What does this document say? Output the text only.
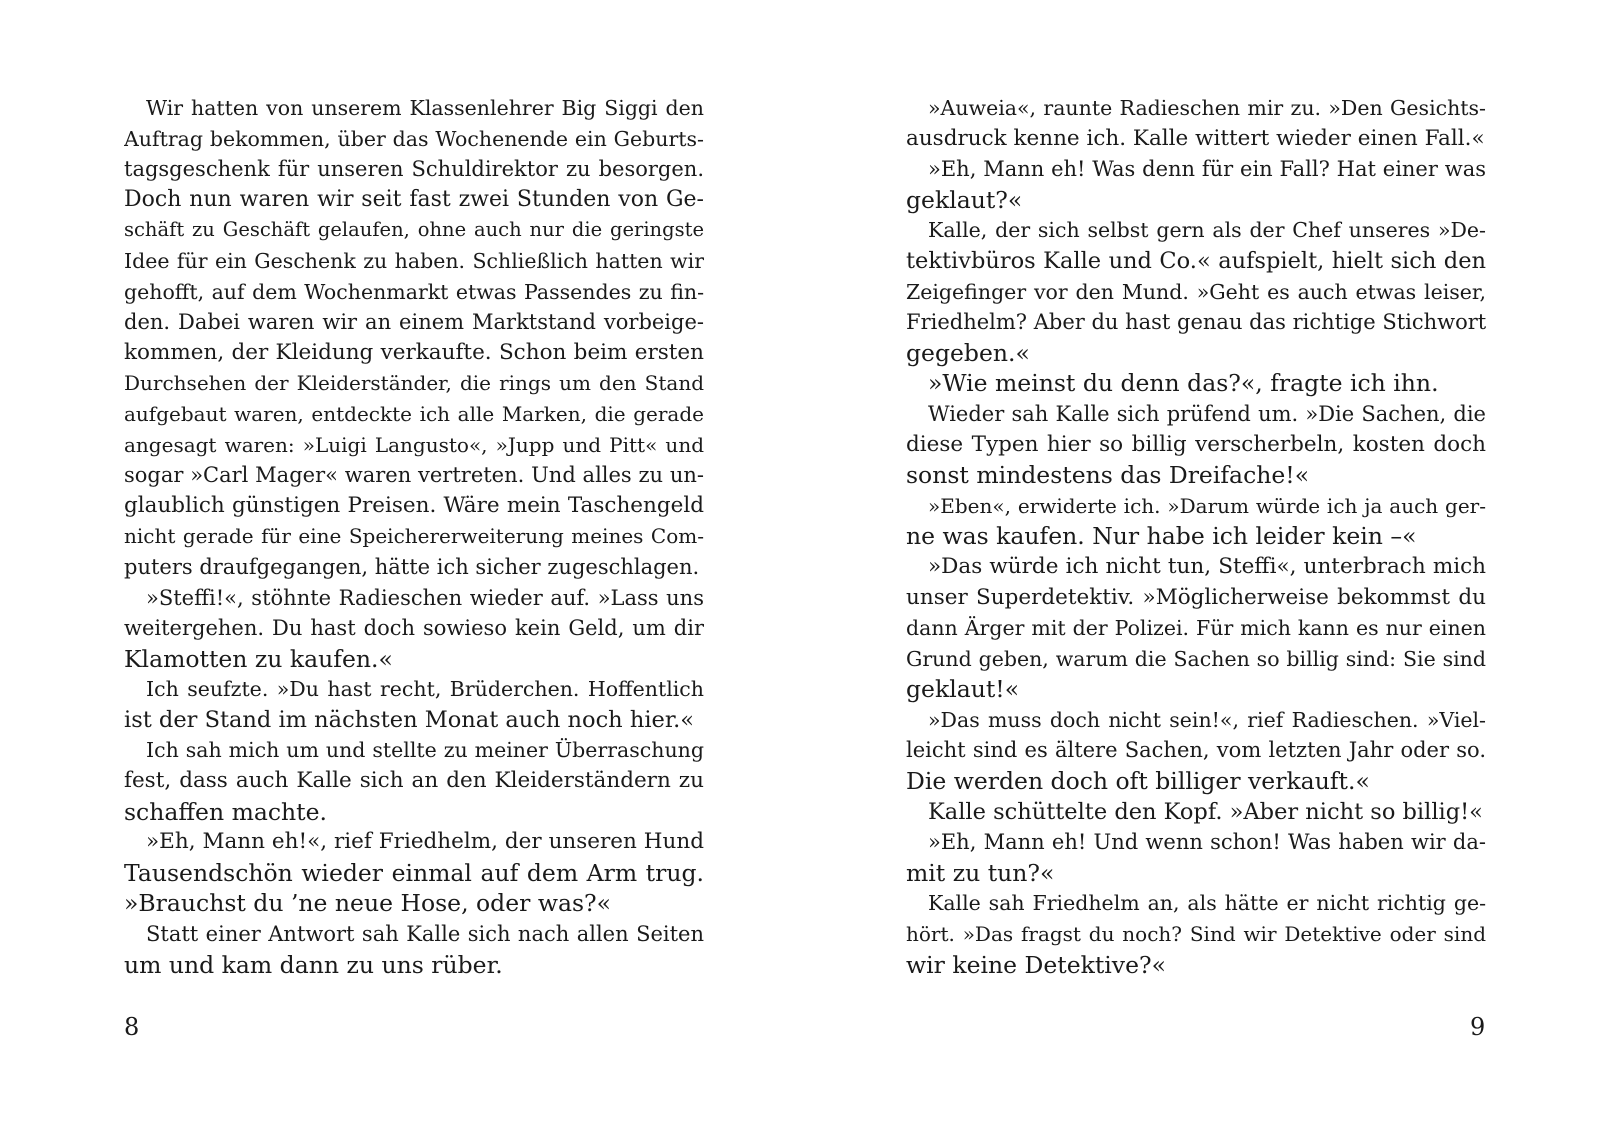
Wir hatten von unserem Klassenlehrer Big Siggi den
Auftrag bekommen, über das Wochenende ein Geburts-
tagsgeschenk für unseren Schuldirektor zu besorgen.
Doch nun waren wir seit fast zwei Stunden von Ge-
schäft zu Geschäft gelaufen, ohne auch nur die geringste
Idee für ein Geschenk zu haben. Schließlich hatten wir
gehofft, auf dem Wochenmarkt etwas Passendes zu fin-
den. Dabei waren wir an einem Marktstand vorbeige-
kommen, der Kleidung verkaufte. Schon beim ersten
Durchsehen der Kleiderständer, die rings um den Stand
aufgebaut waren, entdeckte ich alle Marken, die gerade
angesagt waren: »Luigi Langusto«, »Jupp und Pitt« und
sogar »Carl Mager« waren vertreten. Und alles zu un-
glaublich günstigen Preisen. Wäre mein Taschengeld
nicht gerade für eine Speichererweiterung meines Com-
puters draufgegangen, hätte ich sicher zugeschlagen.
»Steffi!«, stöhnte Radieschen wieder auf. »Lass uns
weitergehen. Du hast doch sowieso kein Geld, um dir
Klamotten zu kaufen.«
Ich seufzte. »Du hast recht, Brüderchen. Hoffentlich
ist der Stand im nächsten Monat auch noch hier.«
Ich sah mich um und stellte zu meiner Überraschung
fest, dass auch Kalle sich an den Kleiderständern zu
schaffen machte.
»Eh, Mann eh!«, rief Friedhelm, der unseren Hund
Tausendschön wieder einmal auf dem Arm trug.
»Brauchst du ’ne neue Hose, oder was?«
Statt einer Antwort sah Kalle sich nach allen Seiten
um und kam dann zu uns rüber.
»Auweia«, raunte Radieschen mir zu. »Den Gesichts-
ausdruck kenne ich. Kalle wittert wieder einen Fall.«
»Eh, Mann eh! Was denn für ein Fall? Hat einer was
geklaut?«
Kalle, der sich selbst gern als der Chef unseres »De-
tektivbüros Kalle und Co.« aufspielt, hielt sich den
Zeigefinger vor den Mund. »Geht es auch etwas leiser,
Friedhelm? Aber du hast genau das richtige Stichwort
gegeben.«
»Wie meinst du denn das?«, fragte ich ihn.
Wieder sah Kalle sich prüfend um. »Die Sachen, die
diese Typen hier so billig verscherbeln, kosten doch
sonst mindestens das Dreifache!«
»Eben«, erwiderte ich. »Darum würde ich ja auch ger-
ne was kaufen. Nur habe ich leider kein –«
»Das würde ich nicht tun, Steffi«, unterbrach mich
unser Superdetektiv. »Möglicherweise bekommst du
dann Ärger mit der Polizei. Für mich kann es nur einen
Grund geben, warum die Sachen so billig sind: Sie sind
geklaut!«
»Das muss doch nicht sein!«, rief Radieschen. »Viel-
leicht sind es ältere Sachen, vom letzten Jahr oder so.
Die werden doch oft billiger verkauft.«
Kalle schüttelte den Kopf. »Aber nicht so billig!«
»Eh, Mann eh! Und wenn schon! Was haben wir da-
mit zu tun?«
Kalle sah Friedhelm an, als hätte er nicht richtig ge-
hört. »Das fragst du noch? Sind wir Detektive oder sind
wir keine Detektive?«
8	9
